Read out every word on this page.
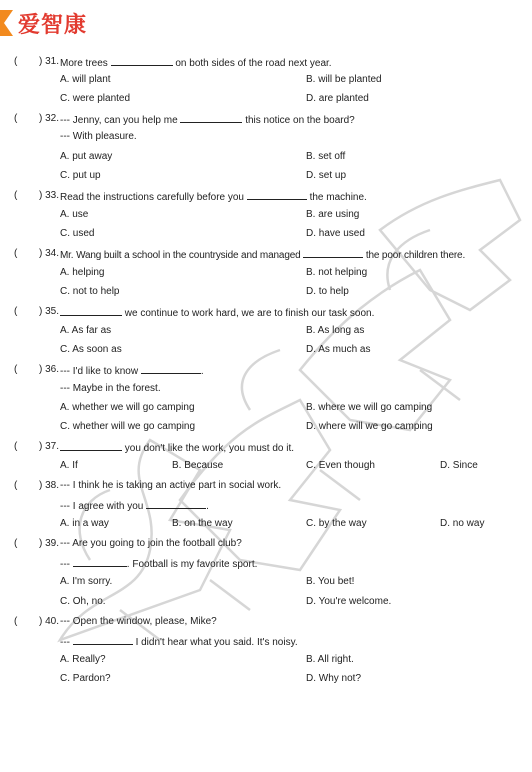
爱智康
( ) 31. More trees	on both sides of the road next year.
A. will plant	B. will be planted
C. were planted	D. are planted
( ) 32. --- Jenny, can you help me	this notice on the board?
--- With pleasure.
A. put away	B. set off
C. put up	D. set up
( ) 33. Read the instructions carefully before you	the machine.
A. use	B. are using
C. used	D. have used
( ) 34. Mr. Wang built a school in the countryside and managed	the poor children there.
A. helping	B. not helping
C. not to help	D. to help
( ) 35.	we continue to work hard, we are to finish our task soon.
A. As far as	B. As long as
C. As soon as	D. As much as
( ) 36. --- I'd like to know	.
--- Maybe in the forest.
A. whether we will go camping	B. where we will go camping
C. whether will we go camping	D. where will we go camping
( ) 37.	you don't like the work, you must do it.
A. If	B. Because	C. Even though	D. Since
( ) 38. --- I think he is taking an active part in social work.
--- I agree with you	.
A. in a way	B. on the way	C. by the way	D. no way
( ) 39. --- Are you going to join the football club?
---	. Football is my favorite sport.
A. I'm sorry.	B. You bet!
C. Oh, no.	D. You're welcome.
( ) 40. --- Open the window, please, Mike?
---	I didn't hear what you said. It's noisy.
A. Really?	B. All right.
C. Pardon?	D. Why not?
